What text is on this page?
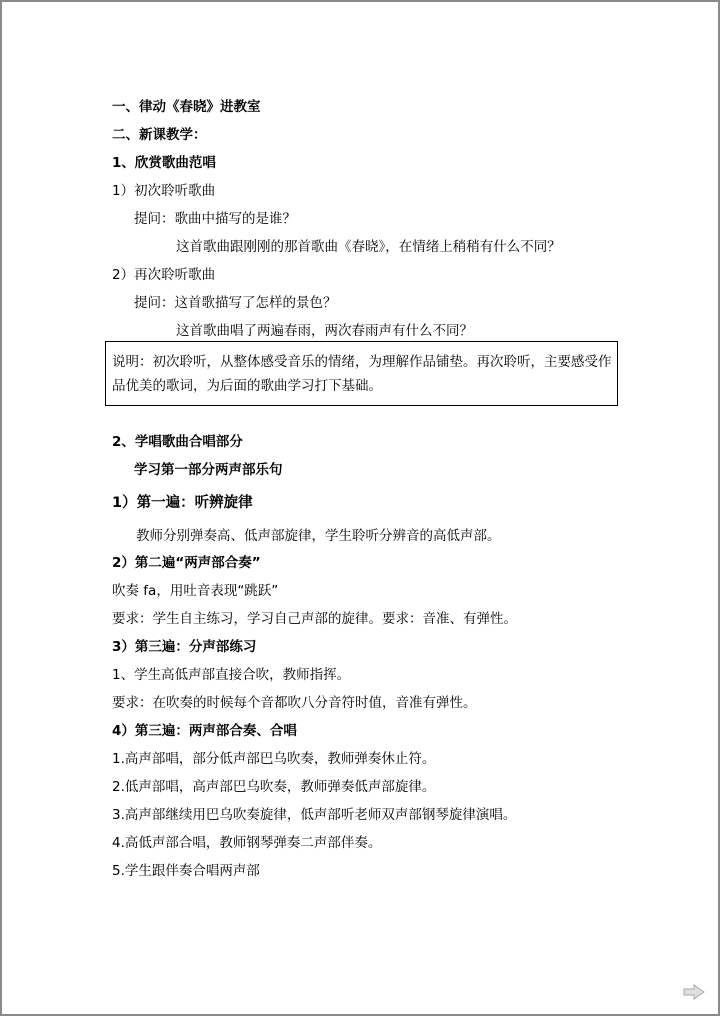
一、律动《春晓》进教室
二、新课教学：
1、欣赏歌曲范唱
1）初次聆听歌曲
提问：歌曲中描写的是谁？
这首歌曲跟刚刚的那首歌曲《春晓》，在情绪上稍稍有什么不同？
2）再次聆听歌曲
提问：这首歌描写了怎样的景色？
这首歌曲唱了两遍春雨，两次春雨声有什么不同？
说明：初次聆听，从整体感受音乐的情绪，为理解作品铺垫。再次聆听，主要感受作品优美的歌词，为后面的歌曲学习打下基础。
2、学唱歌曲合唱部分
学习第一部分两声部乐句
1）第一遍：听辨旋律
教师分别弹奏高、低声部旋律，学生聆听分辨音的高低声部。
2）第二遍“两声部合奏”
吹奏 fa，用吐音表现“跳跃”
要求：学生自主练习，学习自己声部的旋律。要求：音准、有弹性。
3）第三遍：分声部练习
1、学生高低声部直接合吹，教师指挥。
要求：在吹奏的时候每个音都吹八分音符时值，音准有弹性。
4）第三遍：两声部合奏、合唱
1.高声部唱，部分低声部巴乌吹奏，教师弹奏休止符。
2.低声部唱，高声部巴乌吹奏，教师弹奏低声部旋律。
3.高声部继续用巴乌吹奏旋律，低声部听老师双声部钢琴旋律演唱。
4.高低声部合唱，教师钢琴弹奏二声部伴奏。
5.学生跟伴奏合唱两声部
